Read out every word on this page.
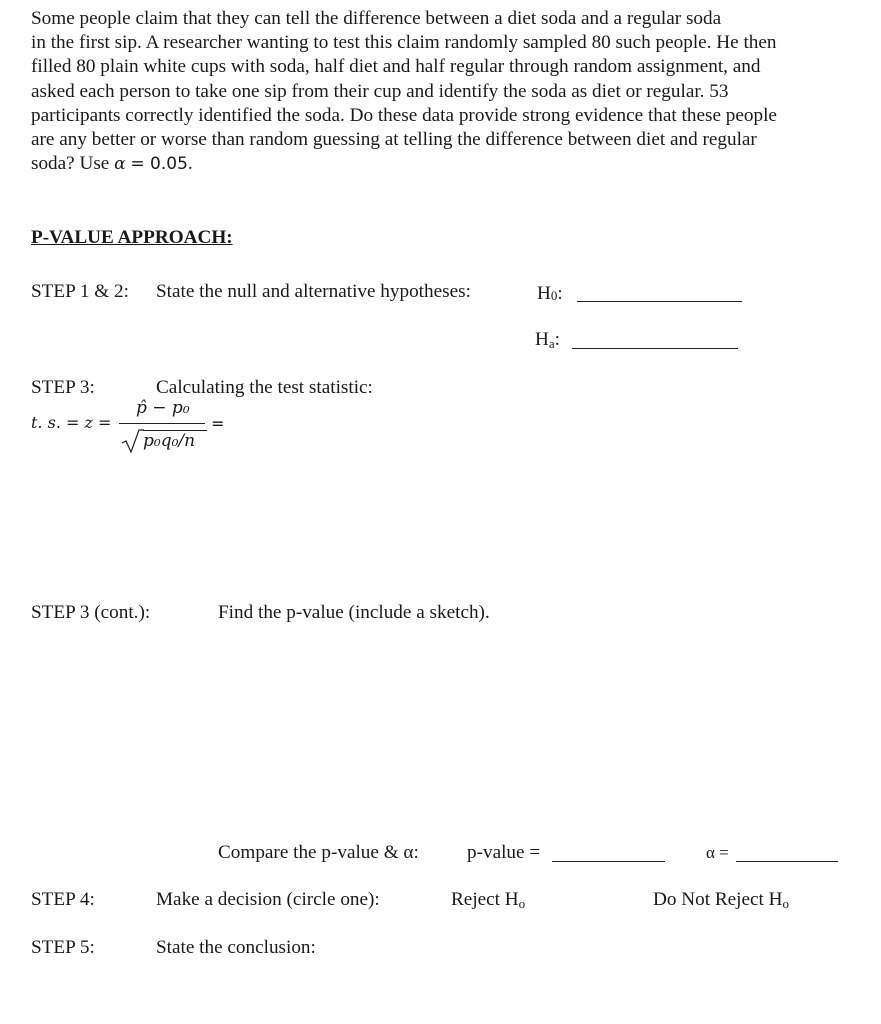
Some people claim that they can tell the difference between a diet soda and a regular soda
in the first sip. A researcher wanting to test this claim randomly sampled 80 such people. He then
filled 80 plain white cups with soda, half diet and half regular through random assignment, and
asked each person to take one sip from their cup and identify the soda as diet or regular. 53
participants correctly identified the soda. Do these data provide strong evidence that these people
are any better or worse than random guessing at telling the difference between diet and regular
soda? Use α = 0.05.
P-VALUE APPROACH:
STEP 1 & 2: State the null and alternative hypotheses:	H0:
Ha:
STEP 3:	Calculating the test statistic:
t. s. = z =
p̂ − p₀
p₀q₀/n
=
STEP 3 (cont.):	Find the p-value (include a sketch).
Compare the p-value & α:	p-value =	α =
STEP 4:	Make a decision (circle one):	Reject Ho	Do Not Reject Ho
STEP 5:	State the conclusion:
